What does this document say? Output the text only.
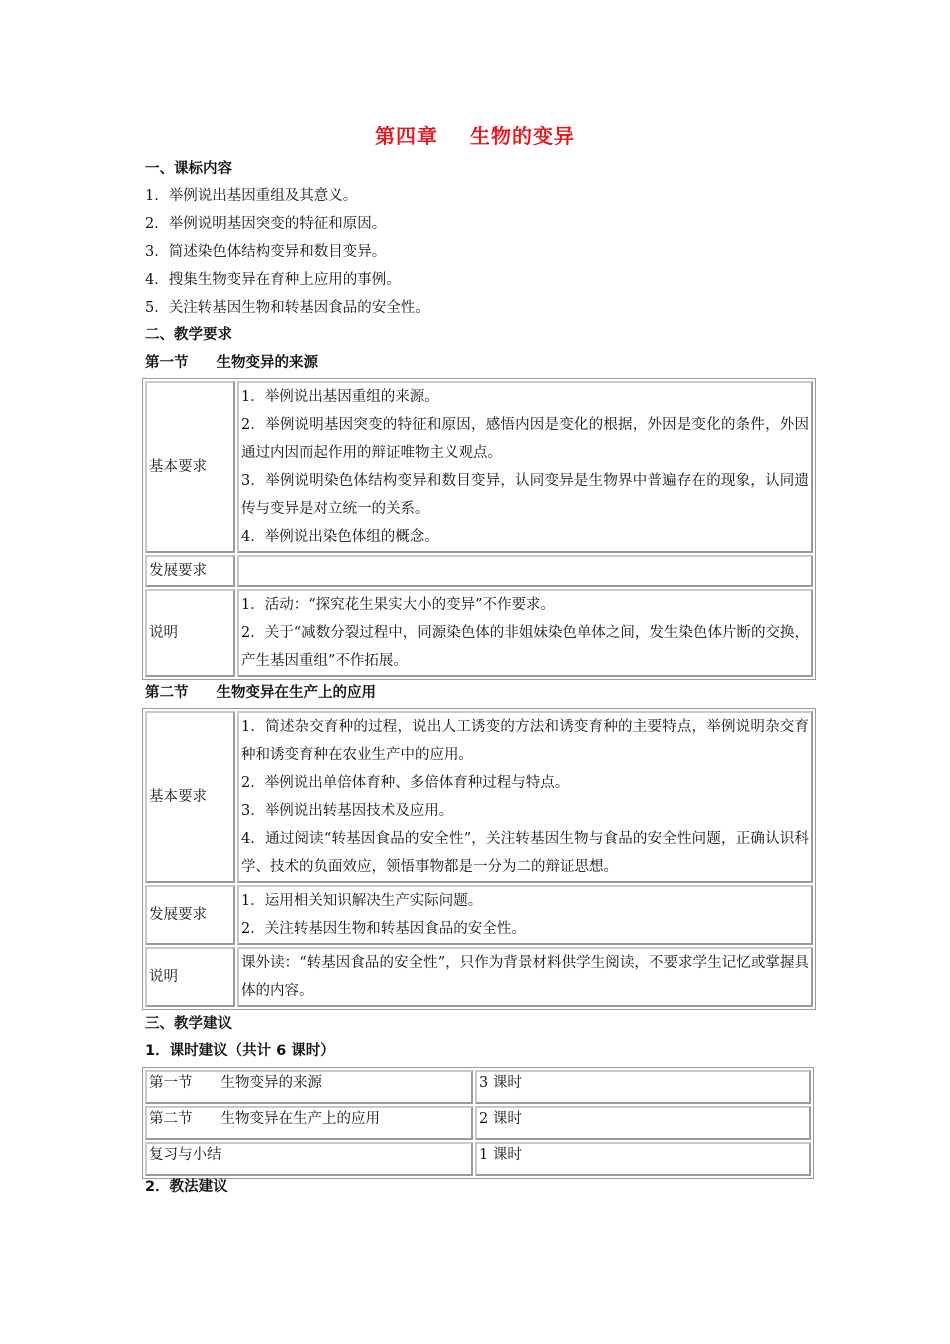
第四章 生物的变异
一、课标内容
1．举例说出基因重组及其意义。
2．举例说明基因突变的特征和原因。
3．简述染色体结构变异和数目变异。
4．搜集生物变异在育种上应用的事例。
5．关注转基因生物和转基因食品的安全性。
二、教学要求
第一节 生物变异的来源
基本要求	1．举例说出基因重组的来源。
2．举例说明基因突变的特征和原因，感悟内因是变化的根据，外因是变化的条件，外因通过内因而起作用的辩证唯物主义观点。
3．举例说明染色体结构变异和数目变异，认同变异是生物界中普遍存在的现象，认同遗传与变异是对立统一的关系。
4．举例说出染色体组的概念。

发展要求	
说明	1．活动：“探究花生果实大小的变异”不作要求。
2．关于“减数分裂过程中，同源染色体的非姐妹染色单体之间，发生染色体片断的交换，产生基因重组”不作拓展。
第二节 生物变异在生产上的应用
基本要求	1．简述杂交育种的过程，说出人工诱变的方法和诱变育种的主要特点，举例说明杂交育种和诱变育种在农业生产中的应用。
2．举例说出单倍体育种、多倍体育种过程与特点。
3．举例说出转基因技术及应用。
4．通过阅读“转基因食品的安全性”，关注转基因生物与食品的安全性问题，正确认识科学、技术的负面效应，领悟事物都是一分为二的辩证思想。

发展要求	1．运用相关知识解决生产实际问题。
2．关注转基因生物和转基因食品的安全性。

说明	课外读：“转基因食品的安全性”，只作为背景材料供学生阅读，不要求学生记忆或掌握具体的内容。
三、教学建议
1．课时建议（共计 6 课时）
第一节 生物变异的来源	3 课时
第二节 生物变异在生产上的应用	2 课时
复习与小结	1 课时
2．教法建议
